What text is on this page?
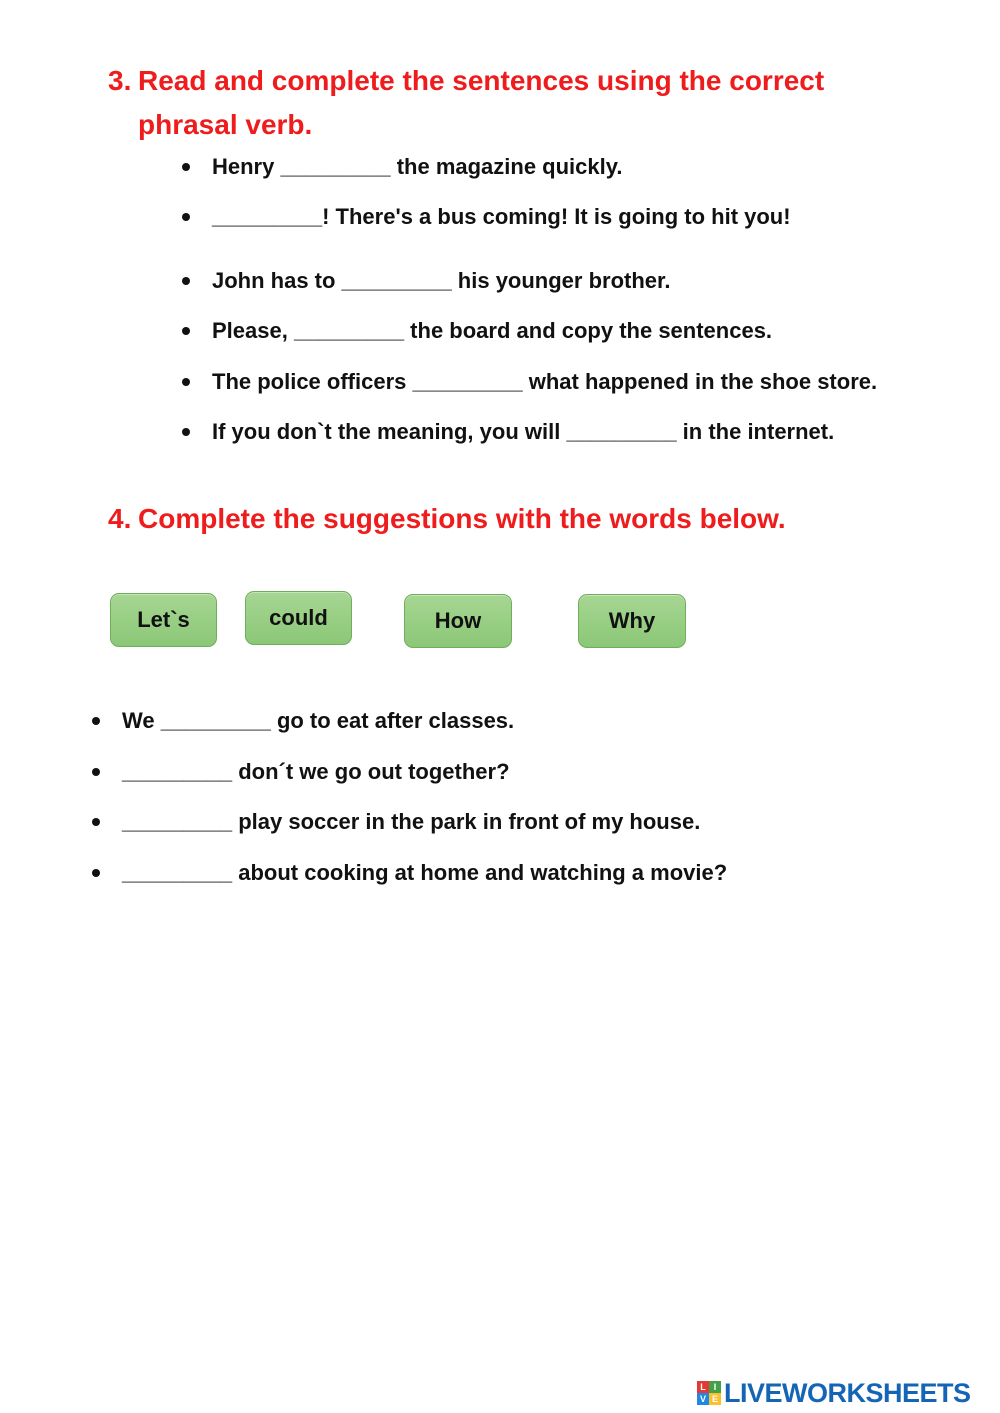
3. Read and complete the sentences using the correct phrasal verb.
Henry _________ the magazine quickly.
_________! There's a bus coming! It is going to hit you!
John has to _________ his younger brother.
Please, _________ the board and copy the sentences.
The police officers _________ what happened in the shoe store.
If you don`t the meaning, you will _________ in the internet.
4. Complete the suggestions with the words below.
Let`s	could	How	Why
We _________ go to eat after classes.
_________ don´t we go out together?
_________ play soccer in the park in front of my house.
_________ about cooking at home and watching a movie?
L I
V E LIVEWORKSHEETS
